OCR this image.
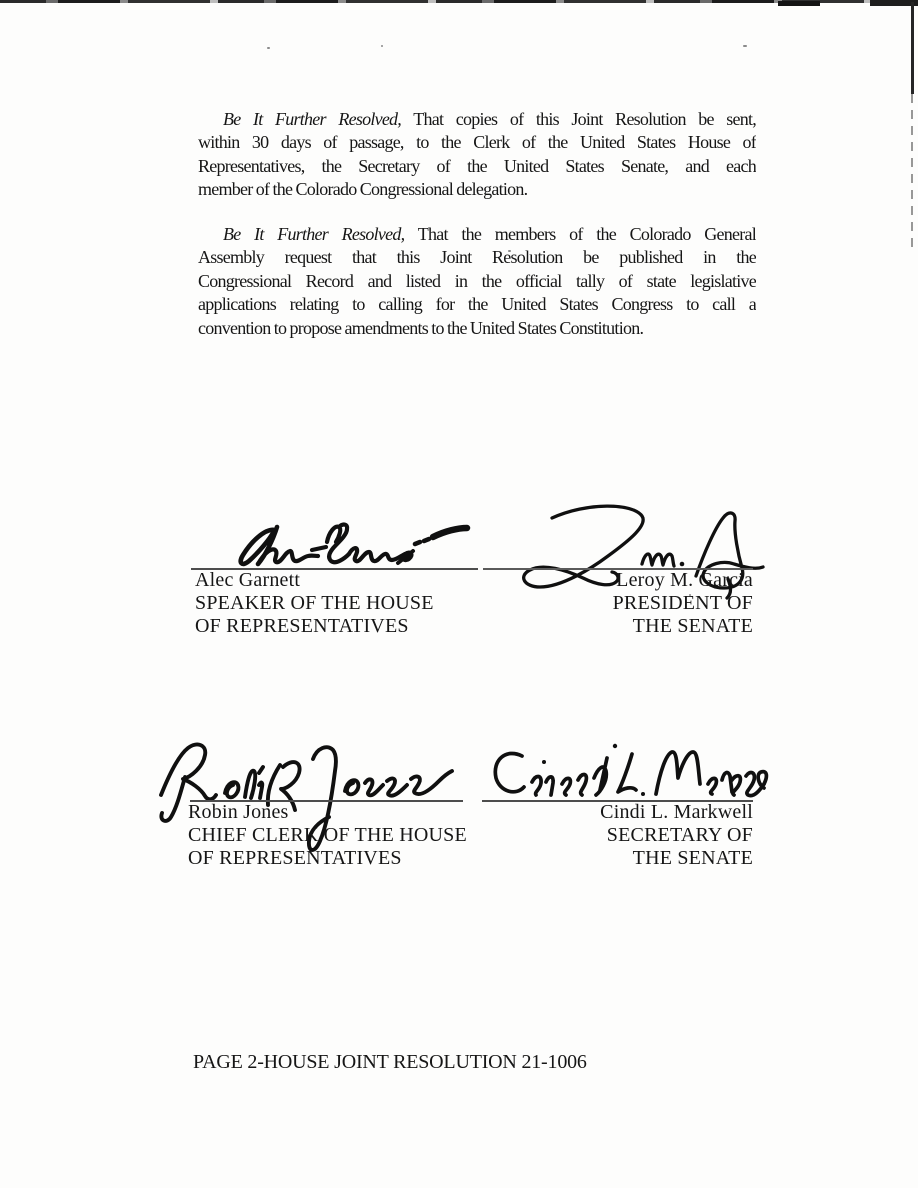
Be It Further Resolved, That copies of this Joint Resolution be sent,
within 30 days of passage, to the Clerk of the United States House of
Representatives, the Secretary of the United States Senate, and each
member of the Colorado Congressional delegation.
Be It Further Resolved, That the members of the Colorado General
Assembly request that this Joint Resolution be published in the
Congressional Record and listed in the official tally of state legislative
applications relating to calling for the United States Congress to call a
convention to propose amendments to the United States Constitution.
Alec Garnett
SPEAKER OF THE HOUSE
OF REPRESENTATIVES
Leroy M. Garcia
PRESIDENT OF
THE SENATE
Robin Jones
CHIEF CLERK OF THE HOUSE
OF REPRESENTATIVES
Cindi L. Markwell
SECRETARY OF
THE SENATE
PAGE 2-HOUSE JOINT RESOLUTION 21-1006
